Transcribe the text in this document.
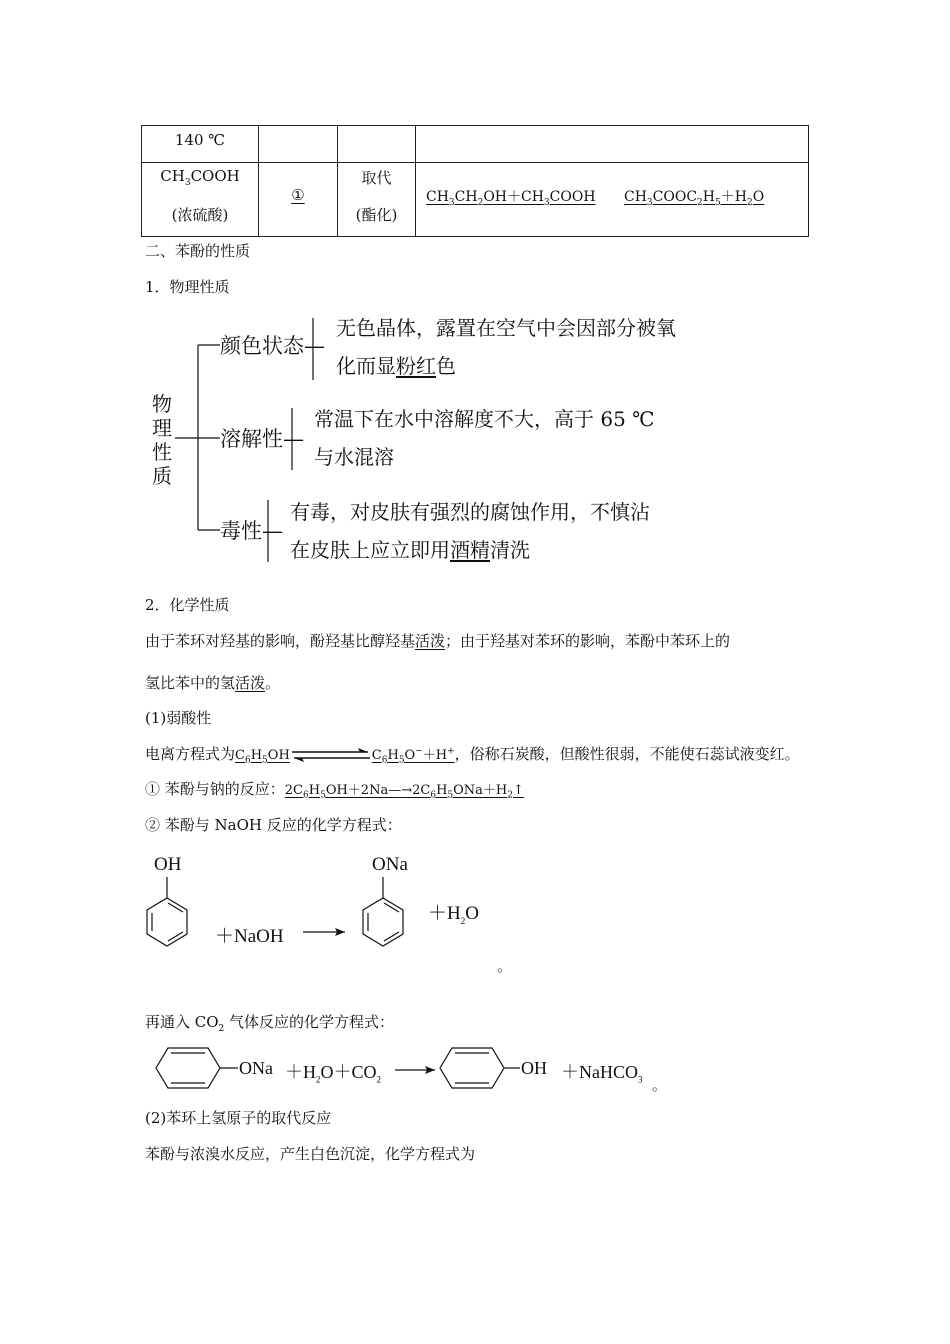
140 ℃
$CH_3COOH$
(浓硫酸)
①
取代
(酯化)
$CH_3CH_2OH+CH_3COOH$	$CH_3COOC_2H_5+H_2O$
二、苯酚的性质
1．物理性质
物理性质
颜色状态—
无色晶体，露置在空气中会因部分被氧
化而显粉红色
溶解性—
常温下在水中溶解度不大，高于 65 ℃
与水混溶
毒性—
有毒，对皮肤有强烈的腐蚀作用，不慎沾
在皮肤上应立即用酒精清洗
2．化学性质
由于苯环对羟基的影响，酚羟基比醇羟基活泼；由于羟基对苯环的影响，苯酚中苯环上的
氢比苯中的氢活泼。
(1)弱酸性
电离方程式为$C_6H_5OH$	$C_6H_5O^-+H^+$，俗称石炭酸，但酸性很弱，不能使石蕊试液变红。
① 苯酚与钠的反应：$2C_6H_5OH+2Na—\to 2C_6H_5ONa+H_2↑$
② 苯酚与 NaOH 反应的化学方程式：
OH
＋NaOH
ONa
$+H_2O$
。
再通入 $CO_2$ 气体反应的化学方程式：
ONa $+H_2O+CO_2$
OH ＋NaHCO$_3$ 。
(2)苯环上氢原子的取代反应
苯酚与浓溴水反应，产生白色沉淀，化学方程式为
